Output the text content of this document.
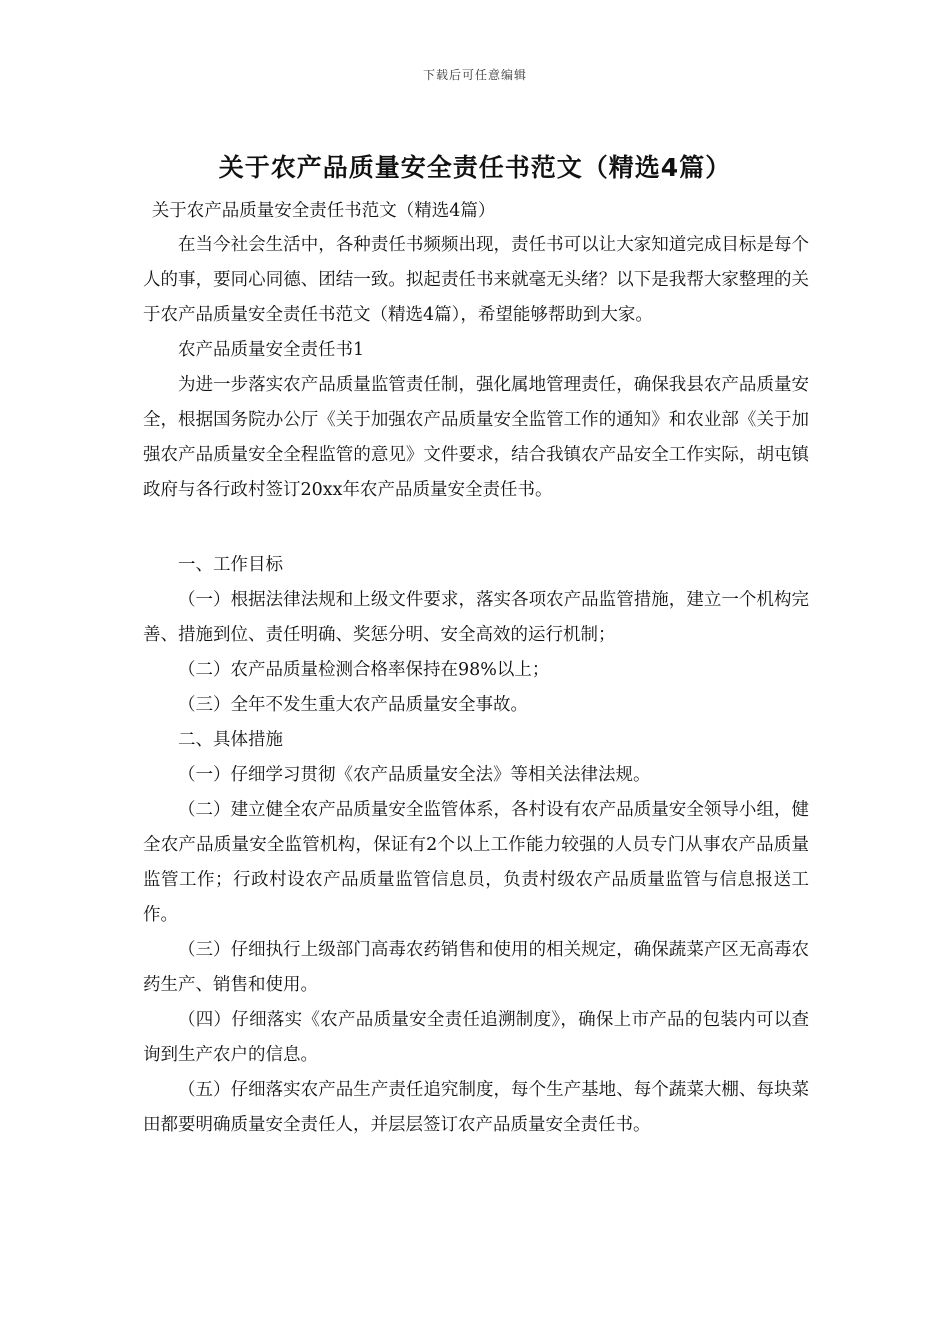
下载后可任意编辑
关于农产品质量安全责任书范文（精选4篇）

关于农产品质量安全责任书范文（精选4篇）

在当今社会生活中，各种责任书频频出现，责任书可以让大家知道完成目标是每个人的事，要同心同德、团结一致。拟起责任书来就毫无头绪？以下是我帮大家整理的关于农产品质量安全责任书范文（精选4篇），希望能够帮助到大家。

农产品质量安全责任书1

为进一步落实农产品质量监管责任制，强化属地管理责任，确保我县农产品质量安全，根据国务院办公厅《关于加强农产品质量安全监管工作的通知》和农业部《关于加强农产品质量安全全程监管的意见》文件要求，结合我镇农产品安全工作实际，胡屯镇政府与各行政村签订20xx年农产品质量安全责任书。

一、工作目标

（一）根据法律法规和上级文件要求，落实各项农产品监管措施，建立一个机构完善、措施到位、责任明确、奖惩分明、安全高效的运行机制；

（二）农产品质量检测合格率保持在98%以上；

（三）全年不发生重大农产品质量安全事故。

二、具体措施

（一）仔细学习贯彻《农产品质量安全法》等相关法律法规。

（二）建立健全农产品质量安全监管体系，各村设有农产品质量安全领导小组，健全农产品质量安全监管机构，保证有2个以上工作能力较强的人员专门从事农产品质量监管工作；行政村设农产品质量监管信息员，负责村级农产品质量监管与信息报送工作。

（三）仔细执行上级部门高毒农药销售和使用的相关规定，确保蔬菜产区无高毒农药生产、销售和使用。

（四）仔细落实《农产品质量安全责任追溯制度》，确保上市产品的包装内可以查询到生产农户的信息。

（五）仔细落实农产品生产责任追究制度，每个生产基地、每个蔬菜大棚、每块菜田都要明确质量安全责任人，并层层签订农产品质量安全责任书。
